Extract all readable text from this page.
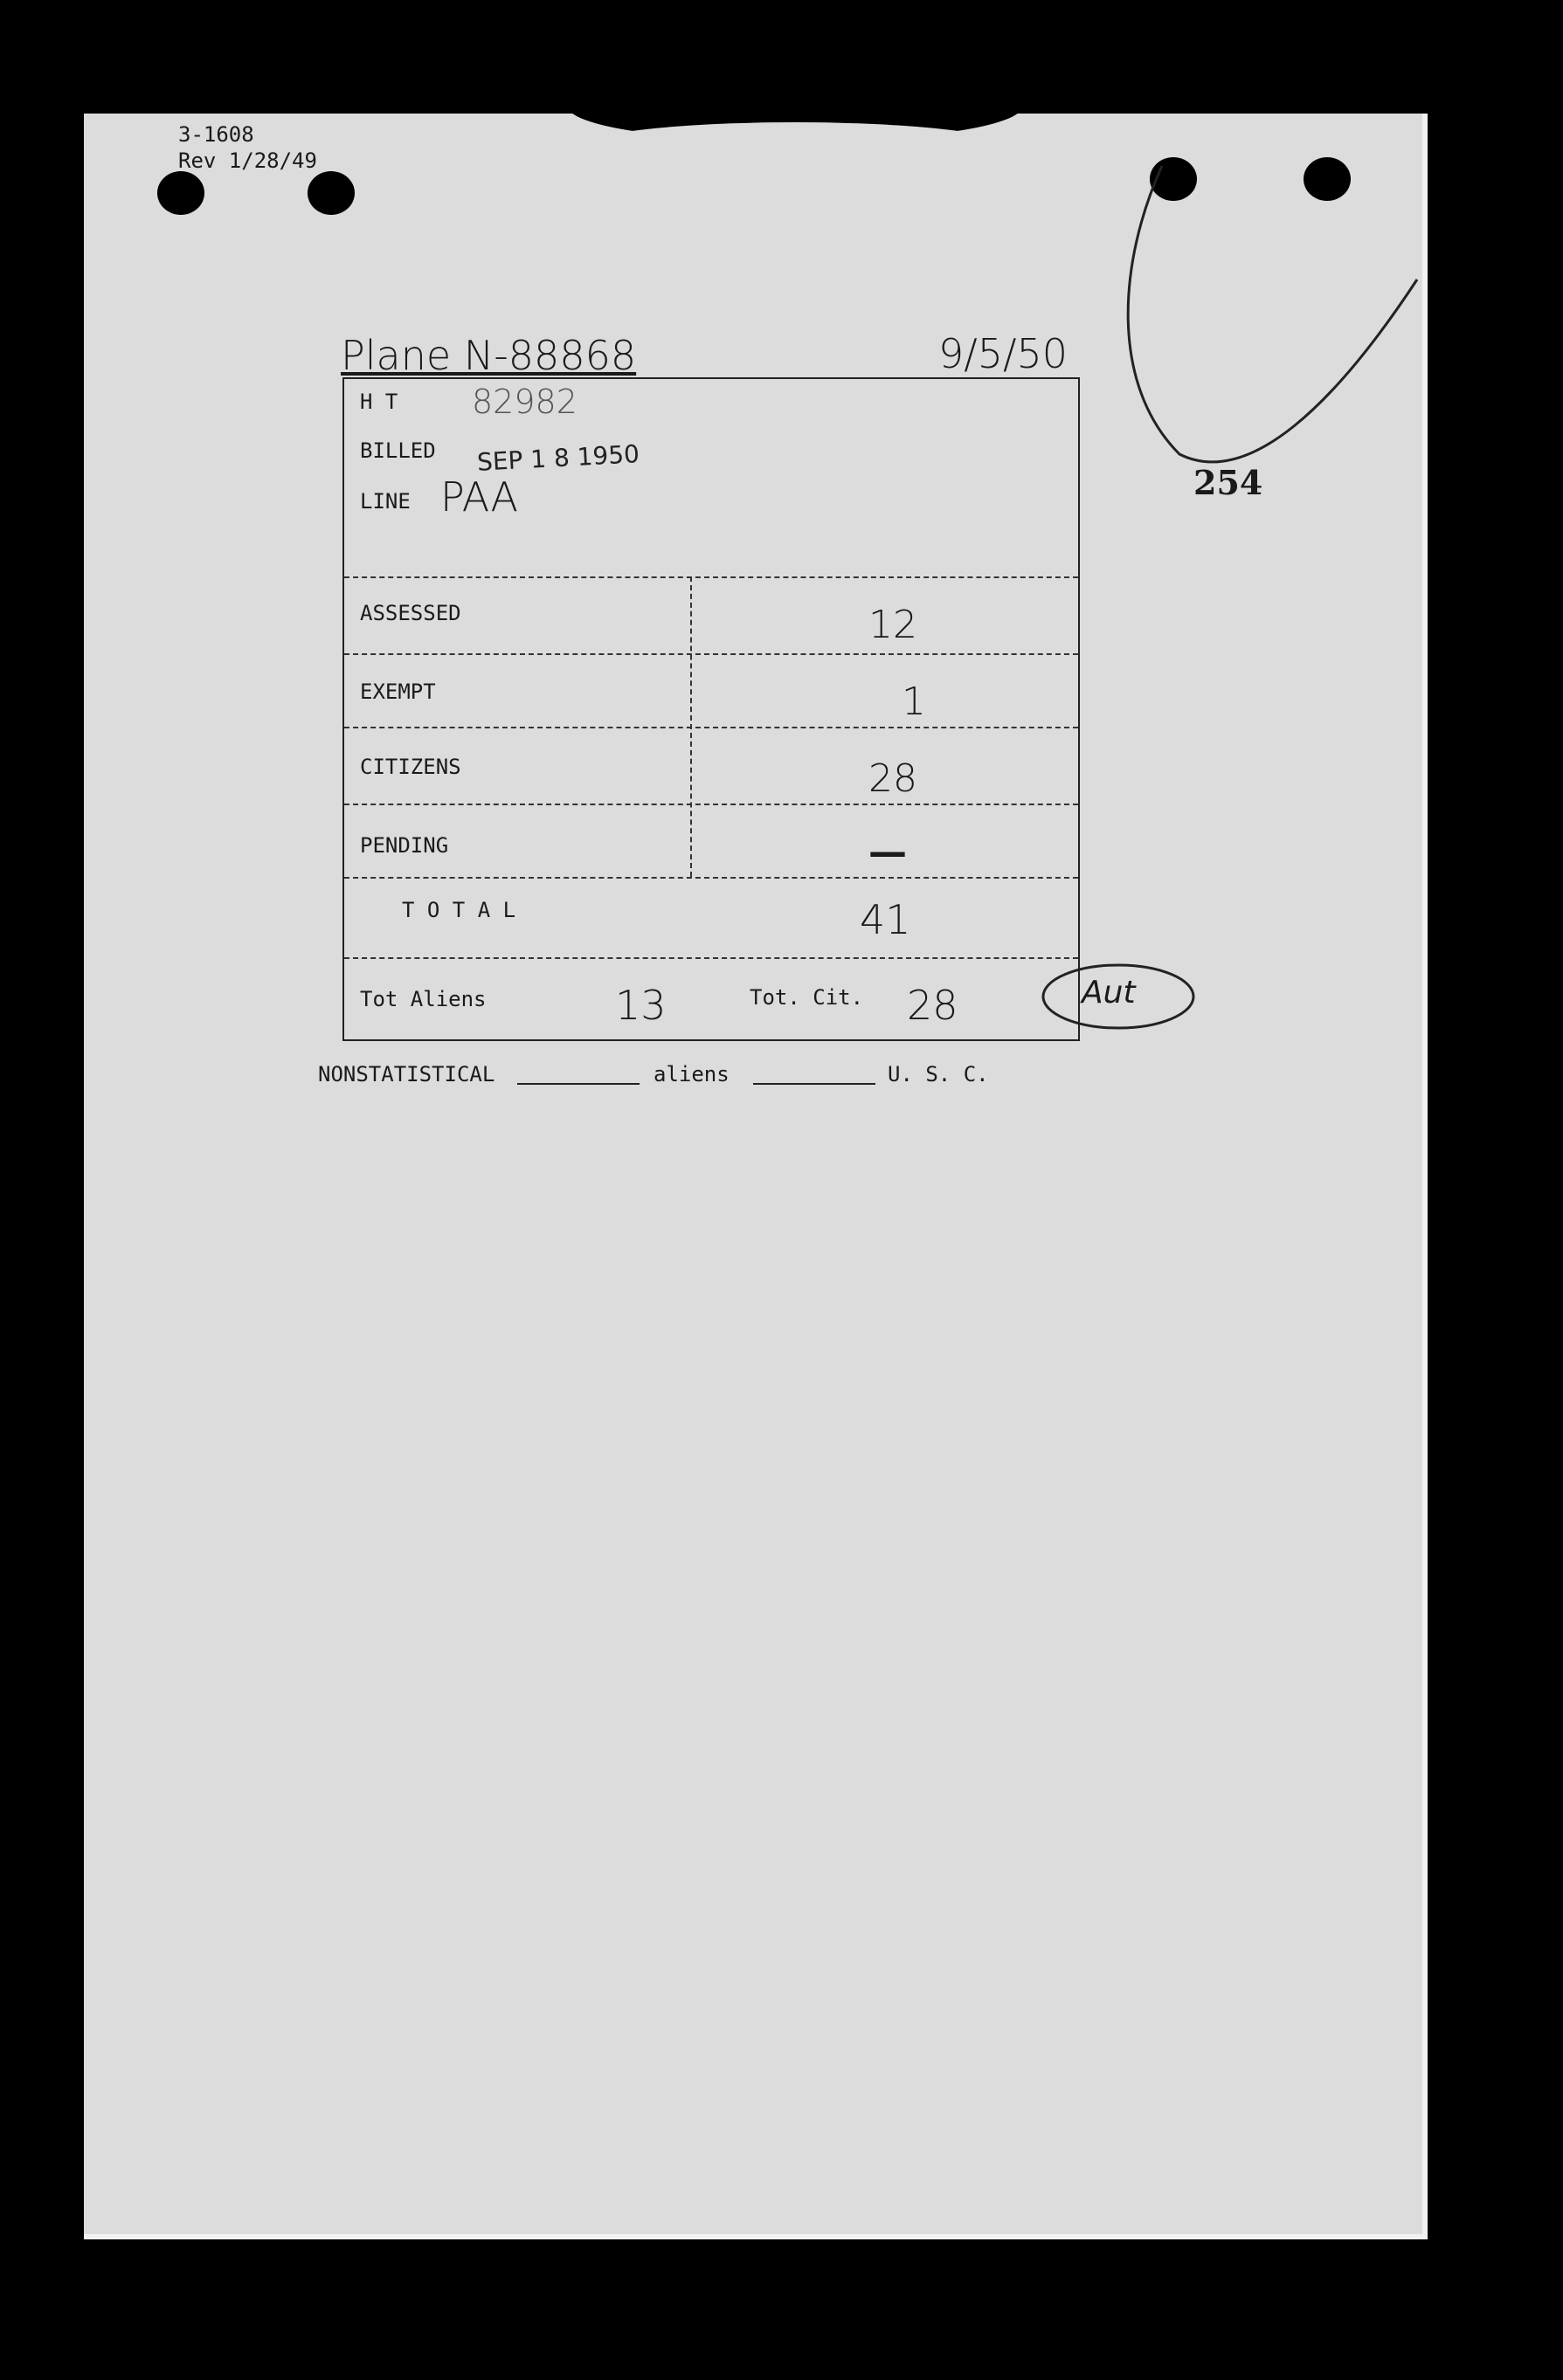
3-1608
Rev 1/28/49
Plane N-88868	9/5/50
254
H T 82982
BILLED SEP 1 8 1950
LINE PAA
ASSESSED	12
EXEMPT	1
CITIZENS	28
PENDING	—
T O T A L	41
Tot Aliens	13	Tot. Cit. 28	Aut
NONSTATISTICAL	aliens	U. S. C.
